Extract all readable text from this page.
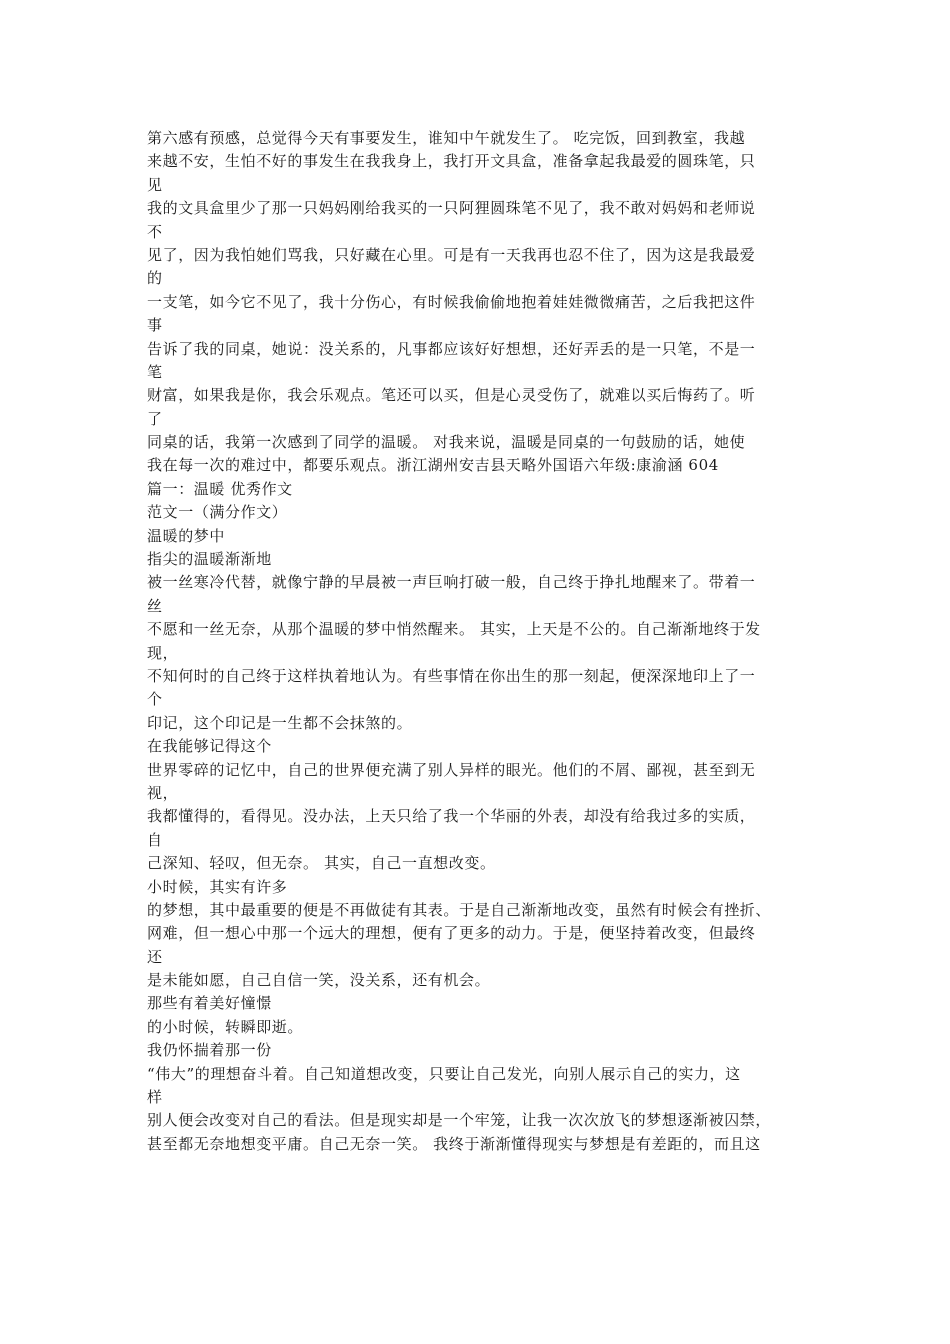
第六感有预感，总觉得今天有事要发生，谁知中午就发生了。 吃完饭，回到教室，我越
来越不安，生怕不好的事发生在我我身上，我打开文具盒，准备拿起我最爱的圆珠笔，只
见
我的文具盒里少了那一只妈妈刚给我买的一只阿狸圆珠笔不见了，我不敢对妈妈和老师说
不
见了，因为我怕她们骂我，只好藏在心里。可是有一天我再也忍不住了，因为这是我最爱
的
一支笔，如今它不见了，我十分伤心，有时候我偷偷地抱着娃娃微微痛苦，之后我把这件
事
告诉了我的同桌，她说：没关系的，凡事都应该好好想想，还好弄丢的是一只笔，不是一
笔
财富，如果我是你，我会乐观点。笔还可以买，但是心灵受伤了，就难以买后悔药了。听
了
同桌的话，我第一次感到了同学的温暖。 对我来说，温暖是同桌的一句鼓励的话，她使
我在每一次的难过中，都要乐观点。浙江湖州安吉县天略外国语六年级:康渝涵 604
篇一：温暖 优秀作文
范文一（满分作文）
温暖的梦中
指尖的温暖渐渐地
被一丝寒冷代替，就像宁静的早晨被一声巨响打破一般，自己终于挣扎地醒来了。带着一
丝
不愿和一丝无奈，从那个温暖的梦中悄然醒来。 其实，上天是不公的。自己渐渐地终于发
现，
不知何时的自己终于这样执着地认为。有些事情在你出生的那一刻起，便深深地印上了一
个
印记，这个印记是一生都不会抹煞的。
在我能够记得这个
世界零碎的记忆中，自己的世界便充满了别人异样的眼光。他们的不屑、鄙视，甚至到无
视，
我都懂得的，看得见。没办法，上天只给了我一个华丽的外表，却没有给我过多的实质，
自
己深知、轻叹，但无奈。 其实，自己一直想改变。
小时候，其实有许多
的梦想，其中最重要的便是不再做徒有其表。于是自己渐渐地改变，虽然有时候会有挫折、
网难，但一想心中那一个远大的理想，便有了更多的动力。于是，便坚持着改变，但最终
还
是未能如愿，自己自信一笑，没关系，还有机会。
那些有着美好憧憬
的小时候，转瞬即逝。
我仍怀揣着那一份
“伟大”的理想奋斗着。自己知道想改变，只要让自己发光，向别人展示自己的实力，这
样
别人便会改变对自己的看法。但是现实却是一个牢笼，让我一次次放飞的梦想逐渐被囚禁，
甚至都无奈地想变平庸。自己无奈一笑。 我终于渐渐懂得现实与梦想是有差距的，而且这
